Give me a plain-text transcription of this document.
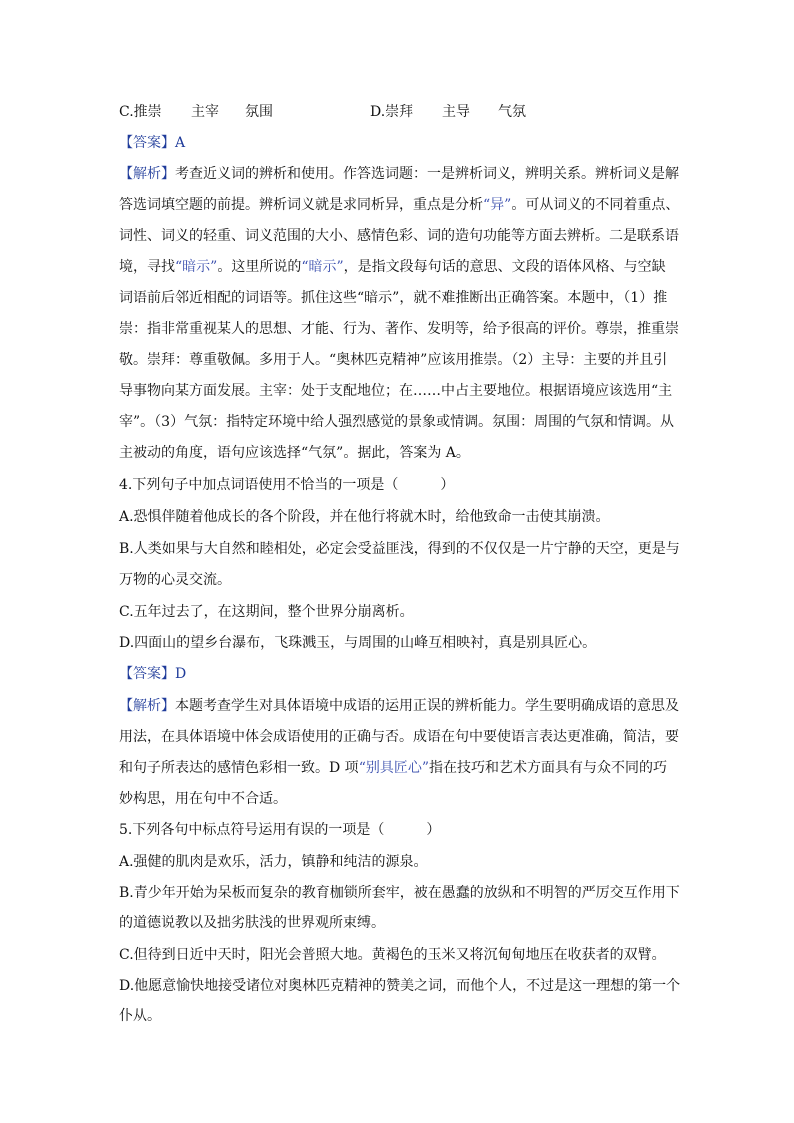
C.推崇 主宰 氛围	D.崇拜 主导 气氛
【答案】A
【解析】考查近义词的辨析和使用。作答选词题：一是辨析词义，辨明关系。辨析词义是解
答选词填空题的前提。辨析词义就是求同析异，重点是分析“异”。可从词义的不同着重点、
词性、词义的轻重、词义范围的大小、感情色彩、词的造句功能等方面去辨析。二是联系语
境，寻找“暗示”。这里所说的“暗示”，是指文段每句话的意思、文段的语体风格、与空缺
词语前后邻近相配的词语等。抓住这些“暗示”，就不难推断出正确答案。本题中，（1）推
崇：指非常重视某人的思想、才能、行为、著作、发明等，给予很高的评价。尊崇，推重崇
敬。崇拜：尊重敬佩。多用于人。“奥林匹克精神”应该用推崇。（2）主导：主要的并且引
导事物向某方面发展。主宰：处于支配地位；在……中占主要地位。根据语境应该选用“主
宰”。（3）气氛：指特定环境中给人强烈感觉的景象或情调。氛围：周围的气氛和情调。从
主被动的角度，语句应该选择“气氛”。据此，答案为 A。
4.下列句子中加点词语使用不恰当的一项是（　　　）
A.恐惧伴随着他成长的各个阶段，并在他行将就木时，给他致命一击使其崩溃。
B.人类如果与大自然和睦相处，必定会受益匪浅，得到的不仅仅是一片宁静的天空，更是与
万物的心灵交流。
C.五年过去了，在这期间，整个世界分崩离析。
D.四面山的望乡台瀑布，飞珠溅玉，与周围的山峰互相映衬，真是别具匠心。
【答案】D
【解析】本题考查学生对具体语境中成语的运用正误的辨析能力。学生要明确成语的意思及
用法，在具体语境中体会成语使用的正确与否。成语在句中要使语言表达更准确，简洁，要
和句子所表达的感情色彩相一致。D 项“别具匠心”指在技巧和艺术方面具有与众不同的巧
妙构思，用在句中不合适。
5.下列各句中标点符号运用有误的一项是（　　　）
A.强健的肌肉是欢乐，活力，镇静和纯洁的源泉。
B.青少年开始为呆板而复杂的教育枷锁所套牢，被在愚蠢的放纵和不明智的严厉交互作用下
的道德说教以及拙劣肤浅的世界观所束缚。
C.但待到日近中天时，阳光会普照大地。黄褐色的玉米又将沉甸甸地压在收获者的双臂。
D.他愿意愉快地接受诸位对奥林匹克精神的赞美之词，而他个人，不过是这一理想的第一个
仆从。
